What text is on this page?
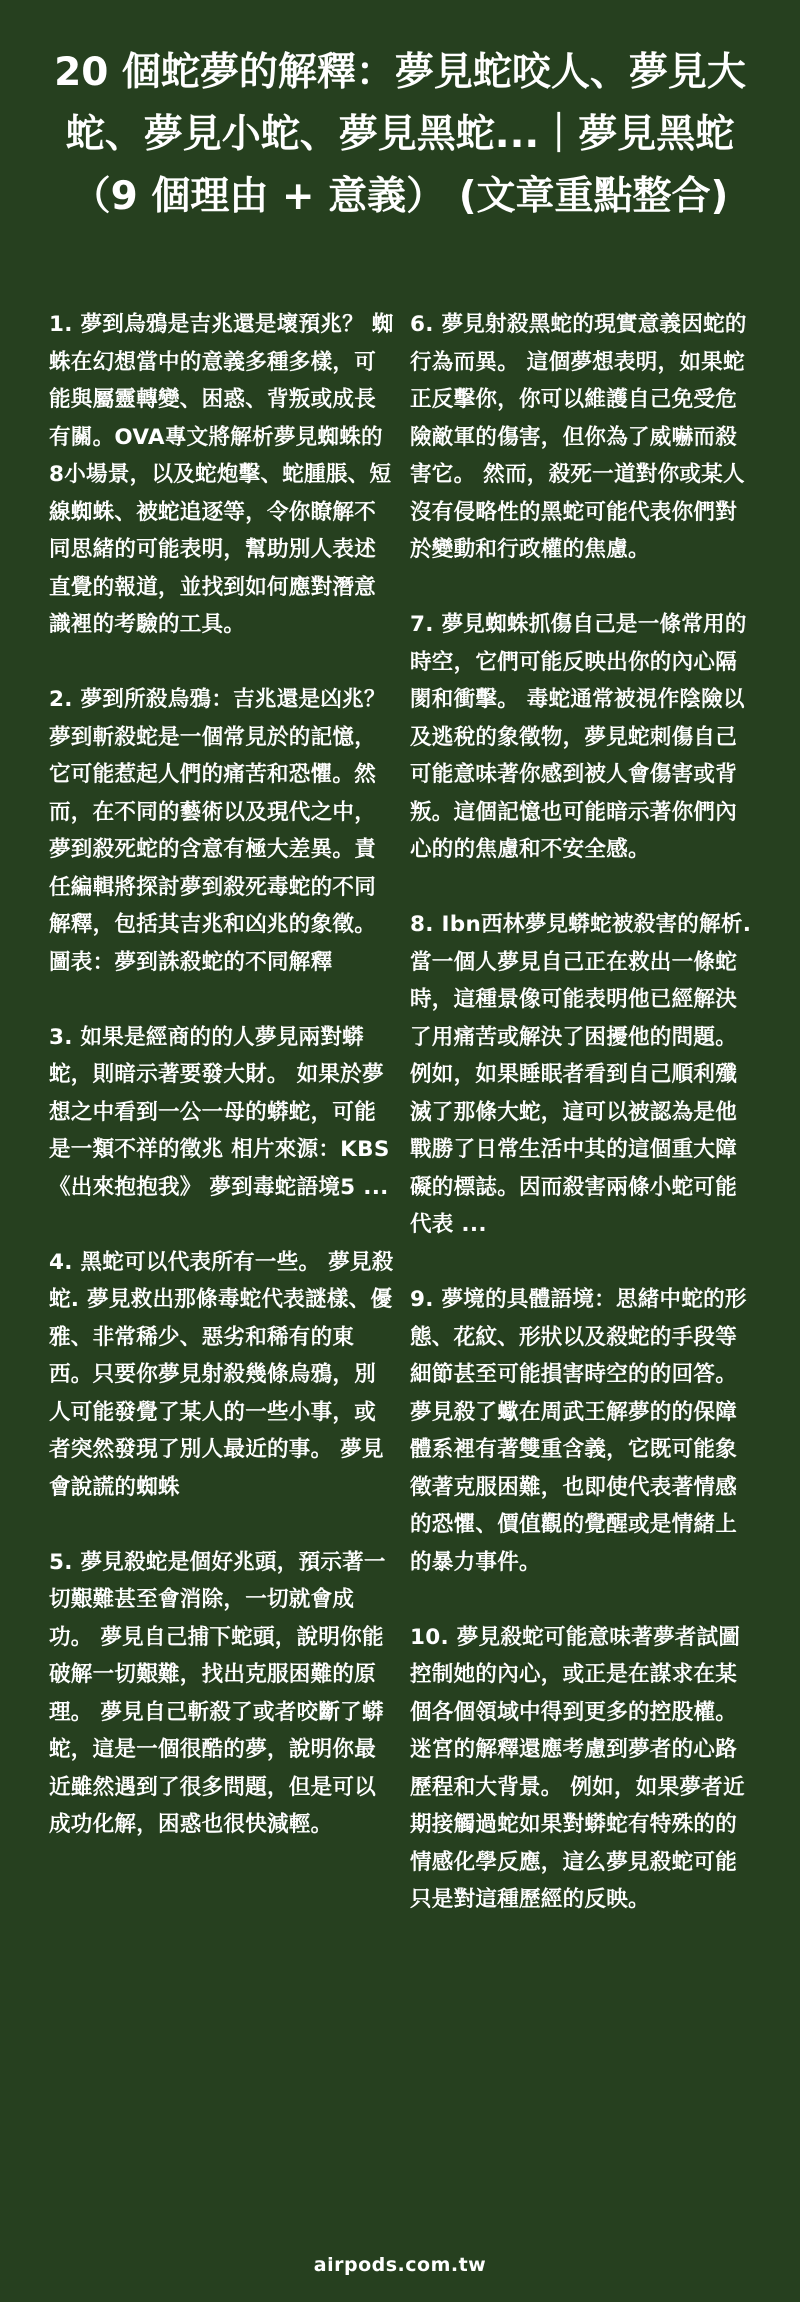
20 個蛇夢的解釋：夢見蛇咬人、夢見大蛇、夢見小蛇、夢見黑蛇...｜夢見黑蛇（9 個理由 + 意義） (文章重點整合)

1. 夢到烏鴉是吉兆還是壞預兆？ 蜘蛛在幻想當中的意義多種多樣，可能與屬靈轉變、困惑、背叛或成長有關。OVA專文將解析夢見蜘蛛的8小場景，以及蛇炮擊、蛇腫脹、短線蜘蛛、被蛇追逐等，令你瞭解不同思緒的可能表明，幫助別人表述直覺的報道，並找到如何應對潛意識裡的考驗的工具。

2. 夢到所殺烏鴉：吉兆還是凶兆？ 夢到斬殺蛇是一個常見於的記憶，它可能惹起人們的痛苦和恐懼。然而，在不同的藝術以及現代之中，夢到殺死蛇的含意有極大差異。責任編輯將探討夢到殺死毒蛇的不同解釋，包括其吉兆和凶兆的象徵。 圖表：夢到誅殺蛇的不同解釋

3. 如果是經商的的人夢見兩對蟒蛇，則暗示著要發大財。 如果於夢想之中看到一公一母的蟒蛇，可能是一類不祥的徵兆 相片來源：KBS《出來抱抱我》 夢到毒蛇語境5 ...

4. 黑蛇可以代表所有一些。 夢見殺蛇. 夢見救出那條毒蛇代表謎樣、優雅、非常稀少、惡劣和稀有的東西。只要你夢見射殺幾條烏鴉，別人可能發覺了某人的一些小事，或者突然發現了別人最近的事。 夢見會說謊的蜘蛛

5. 夢見殺蛇是個好兆頭，預示著一切艱難甚至會消除，一切就會成功。 夢見自己捕下蛇頭，說明你能破解一切艱難，找出克服困難的原理。 夢見自己斬殺了或者咬斷了蟒蛇，這是一個很酷的夢，說明你最近雖然遇到了很多問題，但是可以成功化解，困惑也很快減輕。

6. 夢見射殺黑蛇的現實意義因蛇的行為而異。 這個夢想表明，如果蛇正反擊你，你可以維護自己免受危險敵軍的傷害，但你為了威嚇而殺害它。 然而，殺死一道對你或某人沒有侵略性的黑蛇可能代表你們對於變動和行政權的焦慮。

7. 夢見蜘蛛抓傷自己是一條常用的時空，它們可能反映出你的內心隔閡和衝擊。 毒蛇通常被視作陰險以及逃稅的象徵物，夢見蛇刺傷自己可能意味著你感到被人會傷害或背叛。這個記憶也可能暗示著你們內心的的焦慮和不安全感。

8. Ibn西林夢見蟒蛇被殺害的解析. 當一個人夢見自己正在救出一條蛇時，這種景像可能表明他已經解決了用痛苦或解決了困擾他的問題。 例如，如果睡眠者看到自己順利殲滅了那條大蛇，這可以被認為是他戰勝了日常生活中其的這個重大障礙的標誌。因而殺害兩條小蛇可能代表 ...

9. 夢境的具體語境：思緒中蛇的形態、花紋、形狀以及殺蛇的手段等細節甚至可能損害時空的的回答。 夢見殺了蠍在周武王解夢的的保障體系裡有著雙重含義，它既可能象徵著克服困難，也即使代表著情感的恐懼、價值觀的覺醒或是情緒上的暴力事件。

10. 夢見殺蛇可能意味著夢者試圖控制她的內心，或正是在謀求在某個各個領域中得到更多的控股權。 迷宮的解釋還應考慮到夢者的心路歷程和大背景。 例如，如果夢者近期接觸過蛇如果對蟒蛇有特殊的的情感化學反應，這么夢見殺蛇可能只是對這種歷經的反映。

airpods.com.tw
